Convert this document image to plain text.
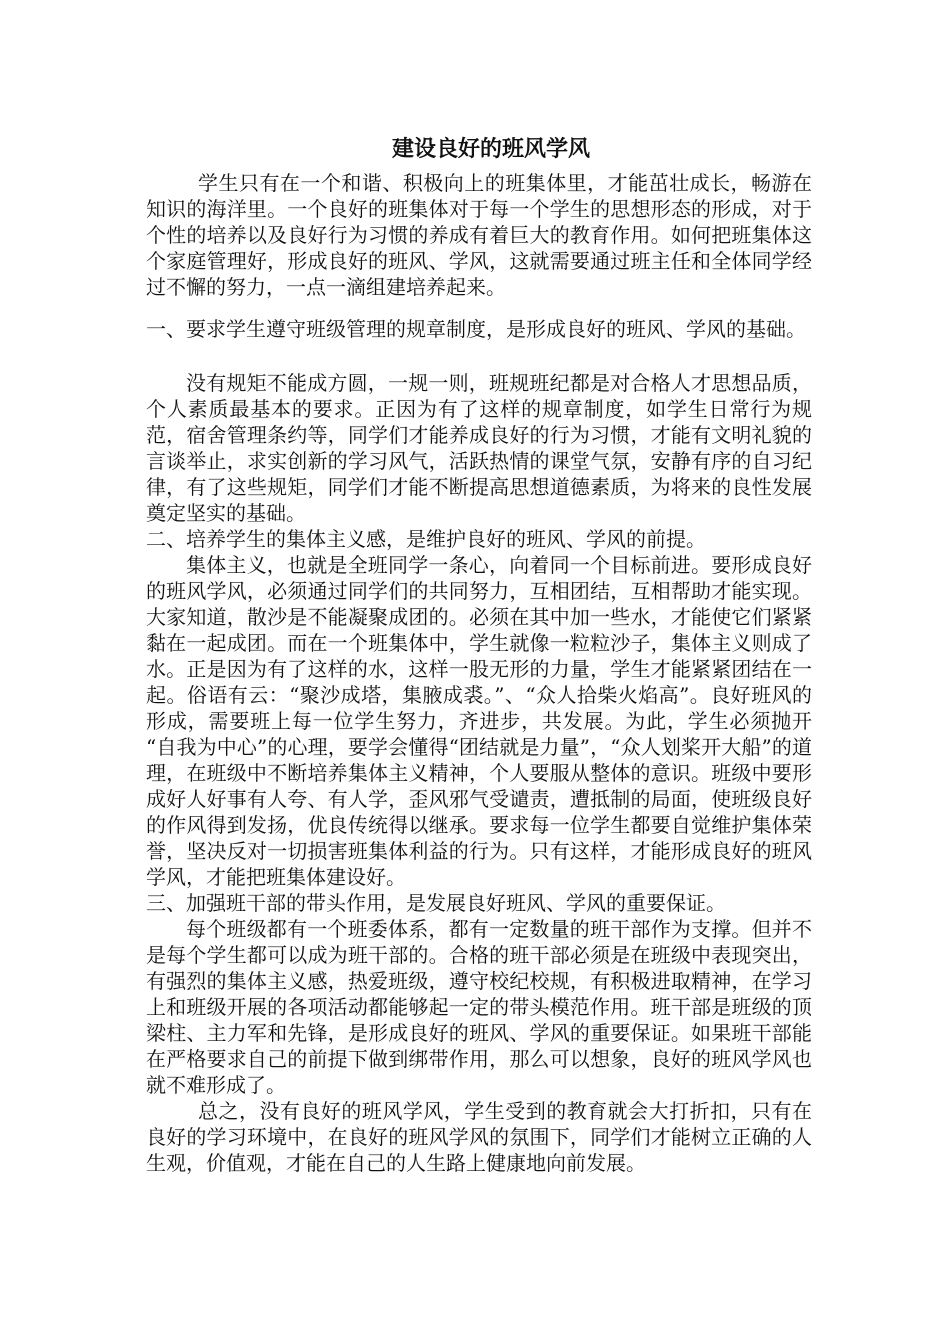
建设良好的班风学风

学生只有在一个和谐、积极向上的班集体里，才能茁壮成长，畅游在知识的海洋里。一个良好的班集体对于每一个学生的思想形态的形成，对于个性的培养以及良好行为习惯的养成有着巨大的教育作用。如何把班集体这个家庭管理好，形成良好的班风、学风，这就需要通过班主任和全体同学经过不懈的努力，一点一滴组建培养起来。

一、要求学生遵守班级管理的规章制度，是形成良好的班风、学风的基础。

没有规矩不能成方圆，一规一则，班规班纪都是对合格人才思想品质，个人素质最基本的要求。正因为有了这样的规章制度，如学生日常行为规范，宿舍管理条约等，同学们才能养成良好的行为习惯，才能有文明礼貌的言谈举止，求实创新的学习风气，活跃热情的课堂气氛，安静有序的自习纪律，有了这些规矩，同学们才能不断提高思想道德素质，为将来的良性发展奠定坚实的基础。

二、培养学生的集体主义感，是维护良好的班风、学风的前提。

集体主义，也就是全班同学一条心，向着同一个目标前进。要形成良好的班风学风，必须通过同学们的共同努力，互相团结，互相帮助才能实现。大家知道，散沙是不能凝聚成团的。必须在其中加一些水，才能使它们紧紧黏在一起成团。而在一个班集体中，学生就像一粒粒沙子，集体主义则成了水。正是因为有了这样的水，这样一股无形的力量，学生才能紧紧团结在一起。俗语有云：“聚沙成塔，集腋成裘。”、“众人拾柴火焰高”。良好班风的形成，需要班上每一位学生努力，齐进步，共发展。为此，学生必须抛开 “自我为中心”的心理，要学会懂得“团结就是力量”，“众人划桨开大船”的道理，在班级中不断培养集体主义精神，个人要服从整体的意识。班级中要形成好人好事有人夸、有人学，歪风邪气受谴责，遭抵制的局面，使班级良好的作风得到发扬，优良传统得以继承。要求每一位学生都要自觉维护集体荣誉，坚决反对一切损害班集体利益的行为。只有这样，才能形成良好的班风学风，才能把班集体建设好。

三、加强班干部的带头作用，是发展良好班风、学风的重要保证。

每个班级都有一个班委体系，都有一定数量的班干部作为支撑。但并不是每个学生都可以成为班干部的。合格的班干部必须是在班级中表现突出，有强烈的集体主义感，热爱班级，遵守校纪校规，有积极进取精神，在学习上和班级开展的各项活动都能够起一定的带头模范作用。班干部是班级的顶梁柱、主力军和先锋，是形成良好的班风、学风的重要保证。如果班干部能在严格要求自己的前提下做到绑带作用，那么可以想象，良好的班风学风也就不难形成了。

总之，没有良好的班风学风，学生受到的教育就会大打折扣，只有在良好的学习环境中，在良好的班风学风的氛围下，同学们才能树立正确的人生观，价值观，才能在自己的人生路上健康地向前发展。
